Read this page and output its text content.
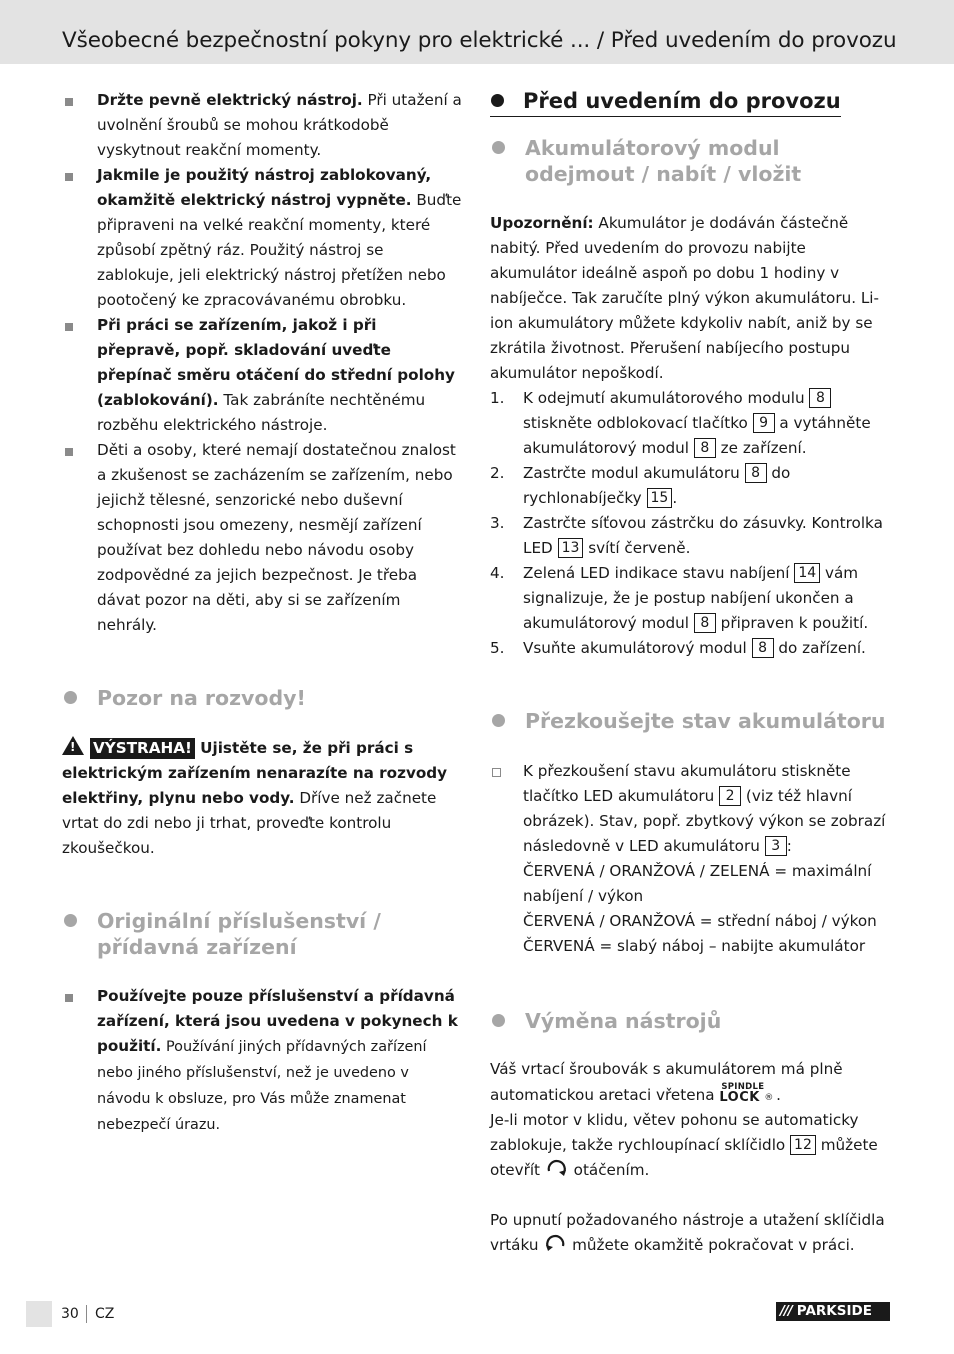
Všeobecné bezpečnostní pokyny pro elektrické ... / Před uvedením do provozu
Držte pevně elektrický nástroj. Při utažení a uvolnění šroubů se mohou krátkodobě vyskytnout reakční momenty.
Jakmile je použitý nástroj zablokovaný, okamžitě elektrický nástroj vypněte. Buďte připraveni na velké reakční momenty, které způsobí zpětný ráz. Použitý nástroj se zablokuje, jeli elektrický nástroj přetížen nebo pootočený ke zpracovávanému obrobku.
Při práci se zařízením, jakož i při přepravě, popř. skladování uveďte přepínač směru otáčení do střední polohy (zablokování). Tak zabráníte nechtěnému rozběhu elektrického nástroje.
Děti a osoby, které nemají dostatečnou znalost a zkušenost se zacházením se zařízením, nebo jejichž tělesné, senzorické nebo duševní schopnosti jsou omezeny, nesmějí zařízení používat bez dohledu nebo návodu osoby zodpovědné za jejich bezpečnost. Je třeba dávat pozor na děti, aby si se zařízením nehrály.
Pozor na rozvody!
! VÝSTRAHA! Ujistěte se, že při práci s elektrickým zařízením nenarazíte na rozvody elektřiny, plynu nebo vody. Dříve než začnete vrtat do zdi nebo ji trhat, proveďte kontrolu zkoušečkou.
Originální příslušenství / přídavná zařízení
Používejte pouze příslušenství a přídavná zařízení, která jsou uvedena v pokynech k použití. Používání jiných přídavných zařízení nebo jiného příslušenství, než je uvedeno v návodu k obsluze, pro Vás může znamenat nebezpečí úrazu.
Před uvedením do provozu
Akumulátorový modul odejmout / nabít / vložit
Upozornění: Akumulátor je dodáván částečně nabitý. Před uvedením do provozu nabijte akumulátor ideálně aspoň po dobu 1 hodiny v nabíječce. Tak zaručíte plný výkon akumulátoru. Li-ion akumulátory můžete kdykoliv nabít, aniž by se zkrátila životnost. Přerušení nabíjecího postupu akumulátor nepoškodí.
1. K odejmutí akumulátorového modulu 8 stiskněte odblokovací tlačítko 9 a vytáhněte akumulátorový modul 8 ze zařízení.
2. Zastrčte modul akumulátoru 8 do rychlonabíječky 15 .
3. Zastrčte síťovou zástrčku do zásuvky. Kontrolka LED 13 svítí červeně.
4. Zelená LED indikace stavu nabíjení 14 vám signalizuje, že je postup nabíjení ukončen a akumulátorový modul 8 připraven k použití.
5. Vsuňte akumulátorový modul 8 do zařízení.
Přezkoušejte stav akumulátoru
K přezkoušení stavu akumulátoru stiskněte tlačítko LED akumulátoru 2 (viz též hlavní obrázek). Stav, popř. zbytkový výkon se zobrazí následovně v LED akumulátoru 3 :
ČERVENÁ / ORANŽOVÁ / ZELENÁ = maximální nabíjení / výkon
ČERVENÁ / ORANŽOVÁ = střední náboj / výkon
ČERVENÁ = slabý náboj – nabijte akumulátor
Výměna nástrojů
Váš vrtací šroubovák s akumulátorem má plně automatickou aretaci vřetena SPINDLE
LOCK ®
.
Je-li motor v klidu, větev pohonu se automaticky zablokuje, takže rychloupínací sklíčidlo 12 můžete otevřít  otáčením.
Po upnutí požadovaného nástroje a utažení sklíčidla vrtáku  můžete okamžitě pokračovat v práci.
30 CZ	/// PARKSIDE
